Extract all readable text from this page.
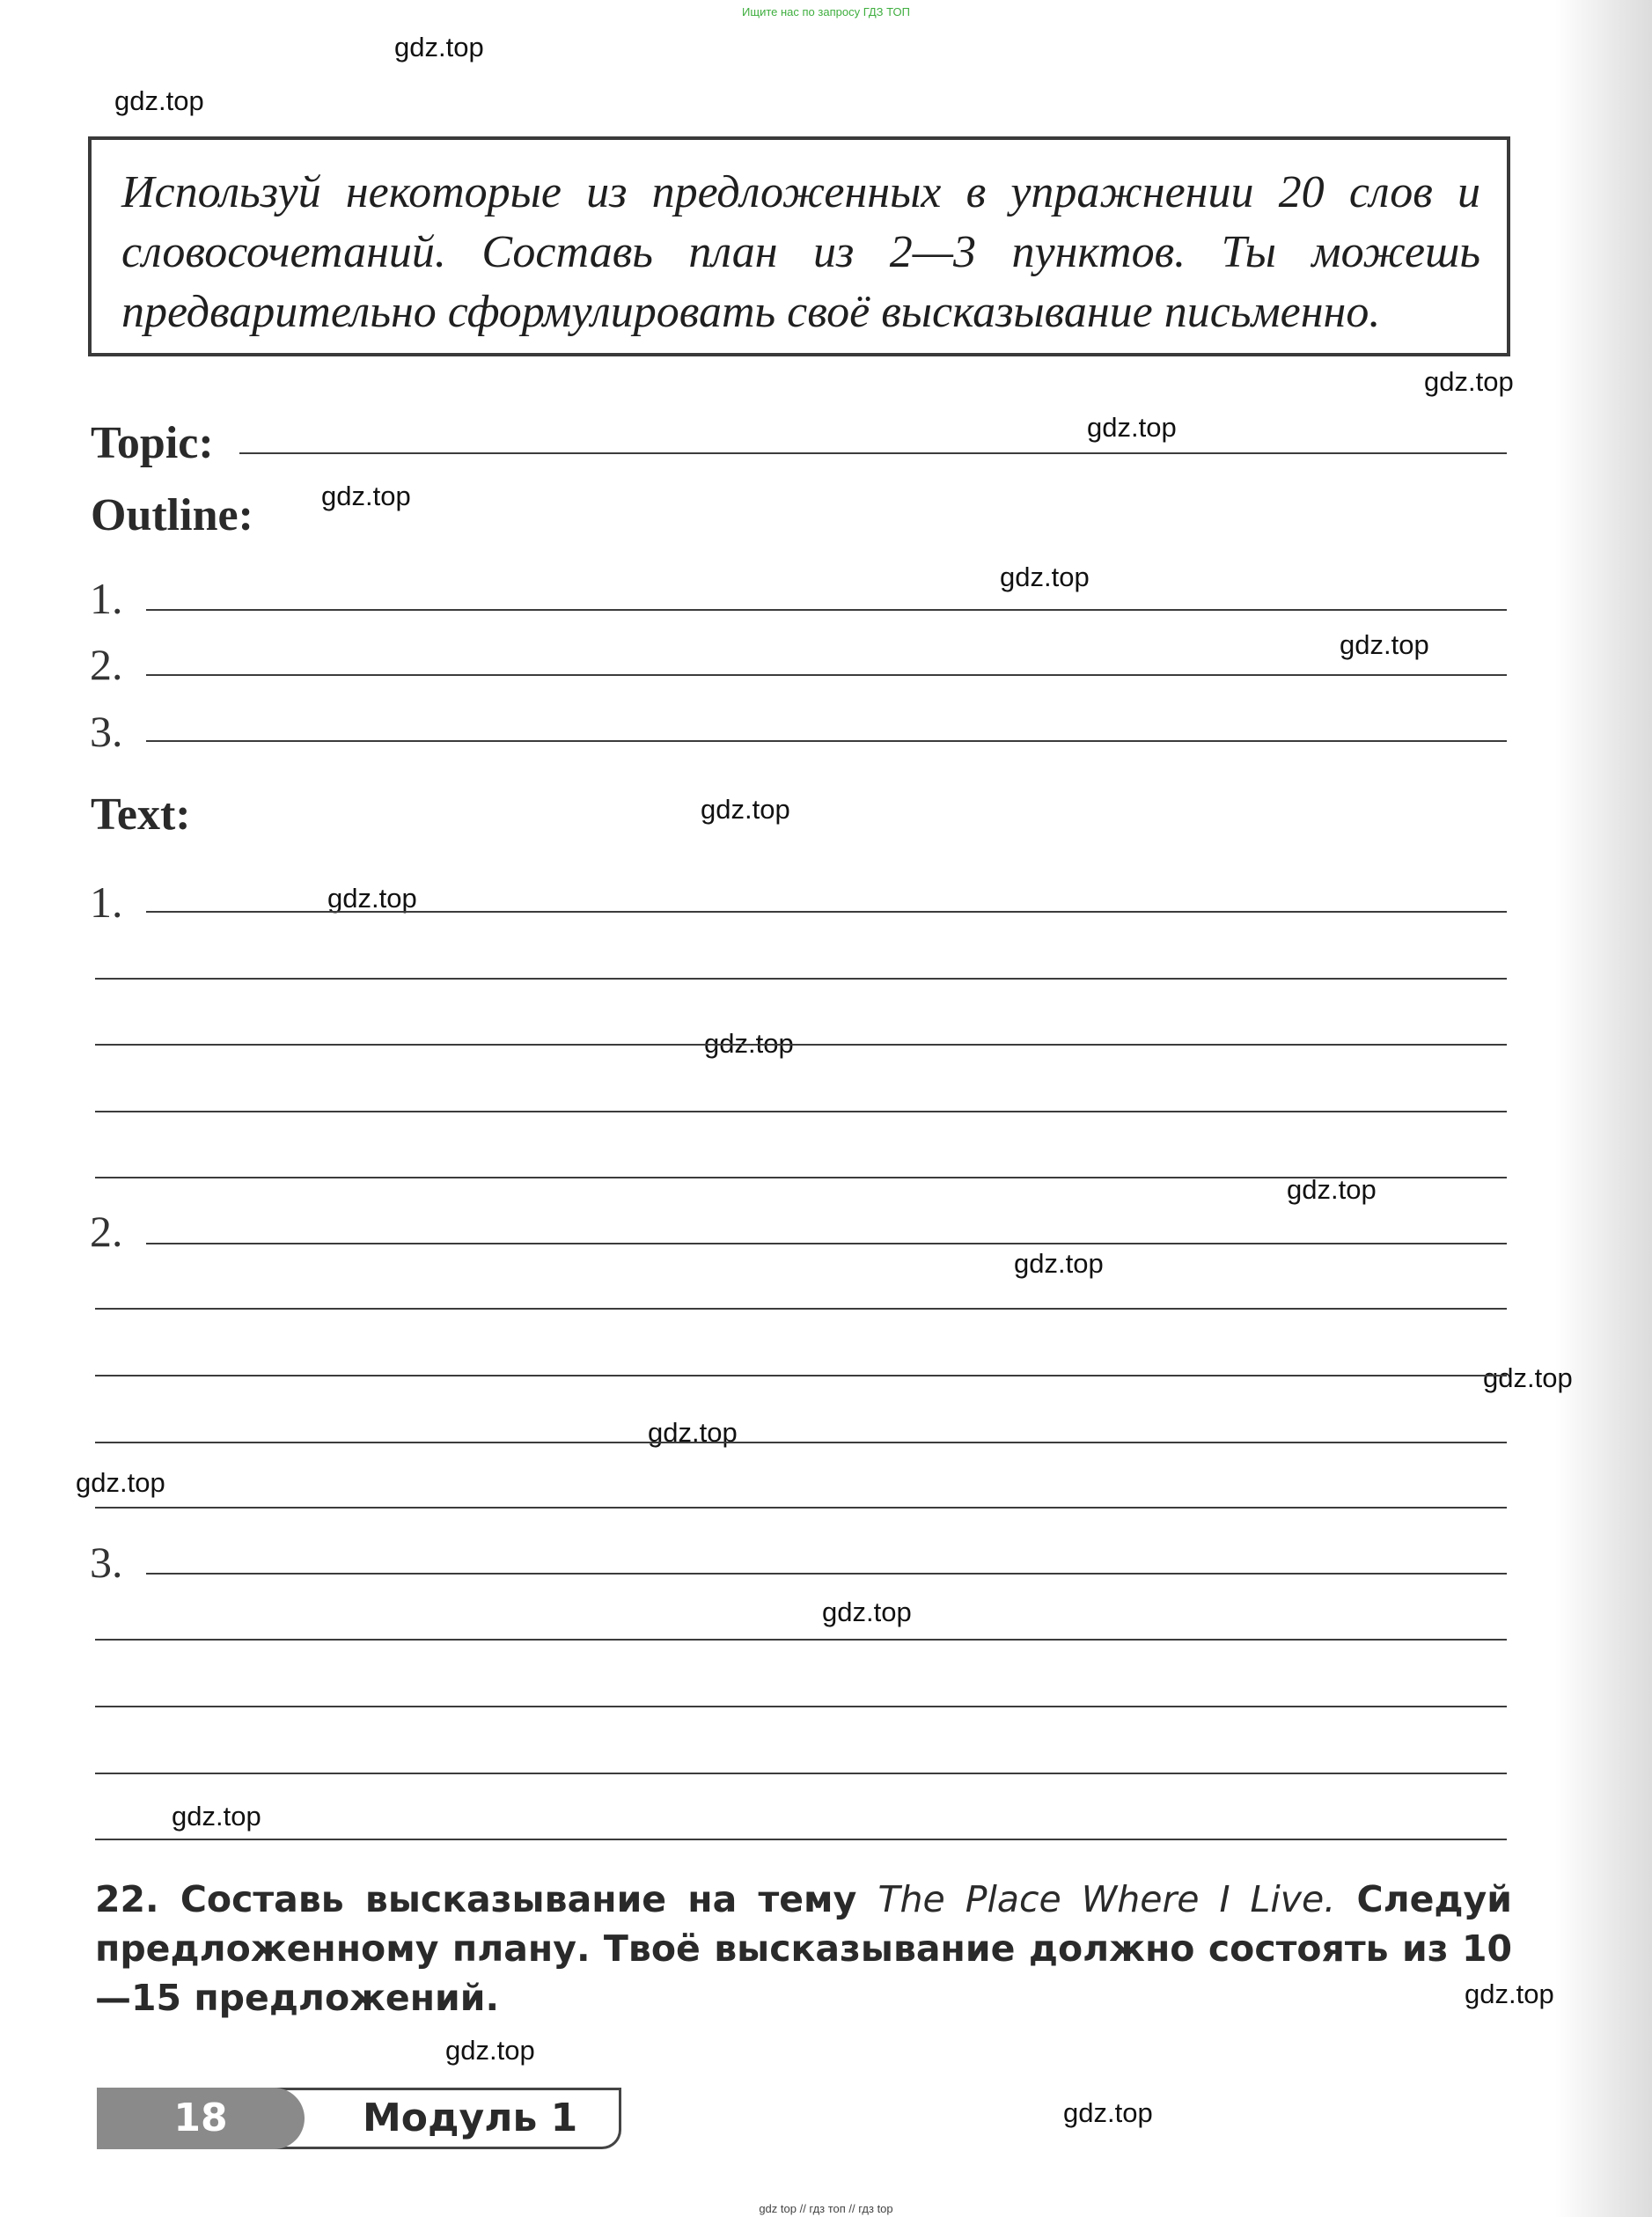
Ищите нас по запросу ГДЗ ТОП
gdz.top
gdz.top
gdz.top
gdz.top
gdz.top
gdz.top
gdz.top
gdz.top
gdz.top
gdz.top
gdz.top
gdz.top
gdz.top
gdz.top
gdz.top
gdz.top
gdz.top
gdz.top
gdz.top
gdz.top
Используй некоторые из предложенных в упражнении 20 слов и словосочетаний. Составь план из 2—3 пунктов. Ты можешь предварительно сформулировать своё высказывание письменно.
Topic:
Outline:
1.
2.
3.
Text:
1.
2.
3.
22. Составь высказывание на тему The Place Where I Live. Следуй предложенному плану. Твоё высказывание должно состоять из 10—15 предложений.
18	Модуль 1
gdz top // гдз топ // гдз top
